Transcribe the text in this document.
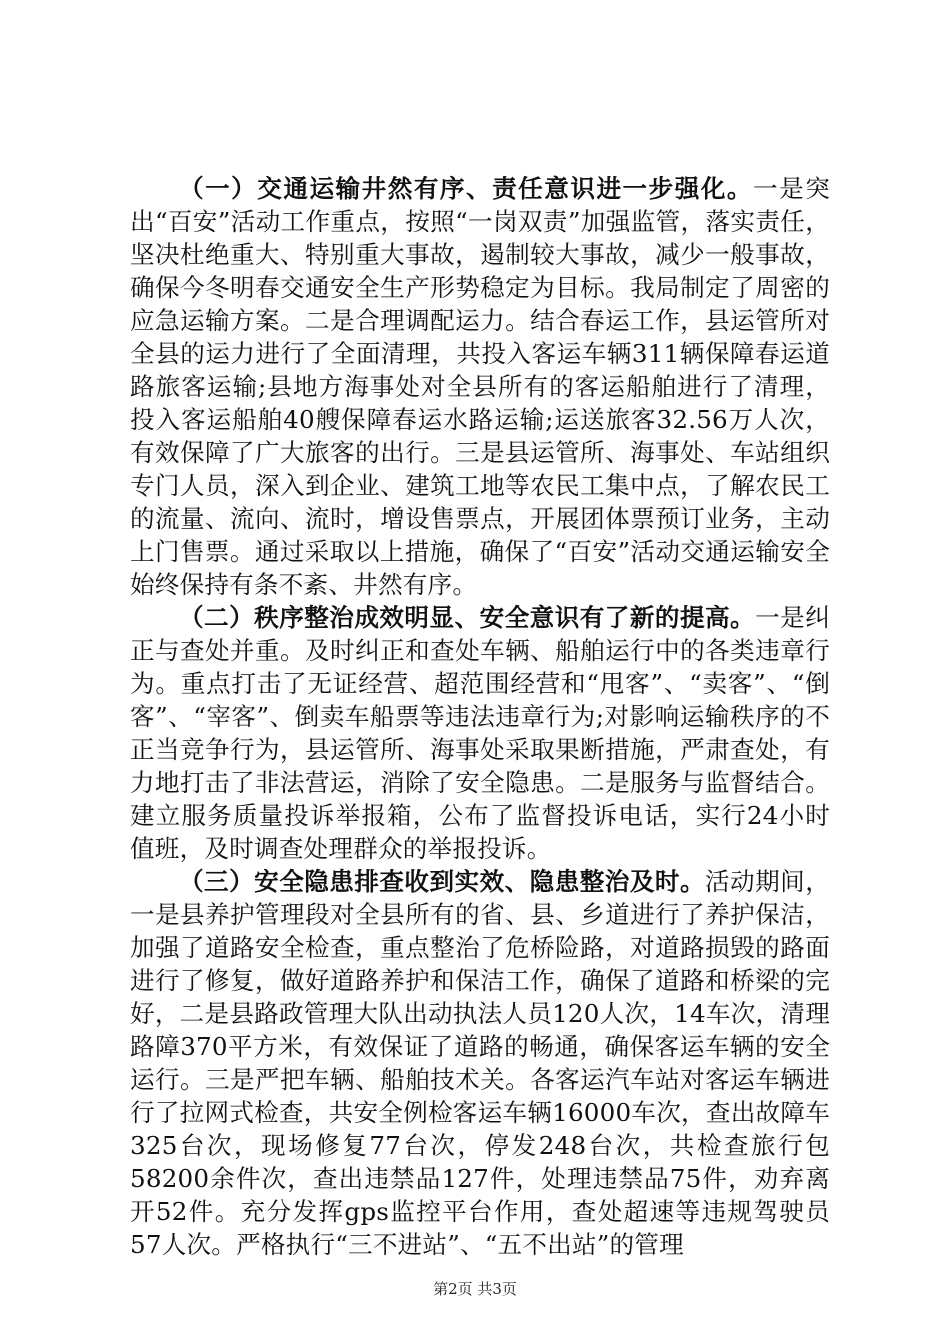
（一）交通运输井然有序、责任意识进一步强化。一是突出“百安”活动工作重点，按照“一岗双责”加强监管，落实责任，坚决杜绝重大、特别重大事故，遏制较大事故，减少一般事故，确保今冬明春交通安全生产形势稳定为目标。我局制定了周密的应急运输方案。二是合理调配运力。结合春运工作，县运管所对全县的运力进行了全面清理，共投入客运车辆311辆保障春运道路旅客运输;县地方海事处对全县所有的客运船舶进行了清理，投入客运船舶40艘保障春运水路运输;运送旅客32.56万人次，有效保障了广大旅客的出行。三是县运管所、海事处、车站组织专门人员，深入到企业、建筑工地等农民工集中点，了解农民工的流量、流向、流时，增设售票点，开展团体票预订业务，主动上门售票。通过采取以上措施，确保了“百安”活动交通运输安全始终保持有条不紊、井然有序。

（二）秩序整治成效明显、安全意识有了新的提高。一是纠正与查处并重。及时纠正和查处车辆、船舶运行中的各类违章行为。重点打击了无证经营、超范围经营和“甩客”、“卖客”、“倒客”、“宰客”、倒卖车船票等违法违章行为;对影响运输秩序的不正当竞争行为，县运管所、海事处采取果断措施，严肃查处，有力地打击了非法营运，消除了安全隐患。二是服务与监督结合。建立服务质量投诉举报箱，公布了监督投诉电话，实行24小时值班，及时调查处理群众的举报投诉。

（三）安全隐患排查收到实效、隐患整治及时。活动期间，一是县养护管理段对全县所有的省、县、乡道进行了养护保洁，加强了道路安全检查，重点整治了危桥险路，对道路损毁的路面进行了修复，做好道路养护和保洁工作，确保了道路和桥梁的完好，二是县路政管理大队出动执法人员120人次，14车次，清理路障370平方米，有效保证了道路的畅通，确保客运车辆的安全运行。三是严把车辆、船舶技术关。各客运汽车站对客运车辆进行了拉网式检查，共安全例检客运车辆16000车次，查出故障车325台次，现场修复77台次，停发248台次，共检查旅行包58200余件次，查出违禁品127件，处理违禁品75件，劝弃离开52件。充分发挥gps监控平台作用，查处超速等违规驾驶员57人次。严格执行“三不进站”、“五不出站”的管理

第2页 共3页
